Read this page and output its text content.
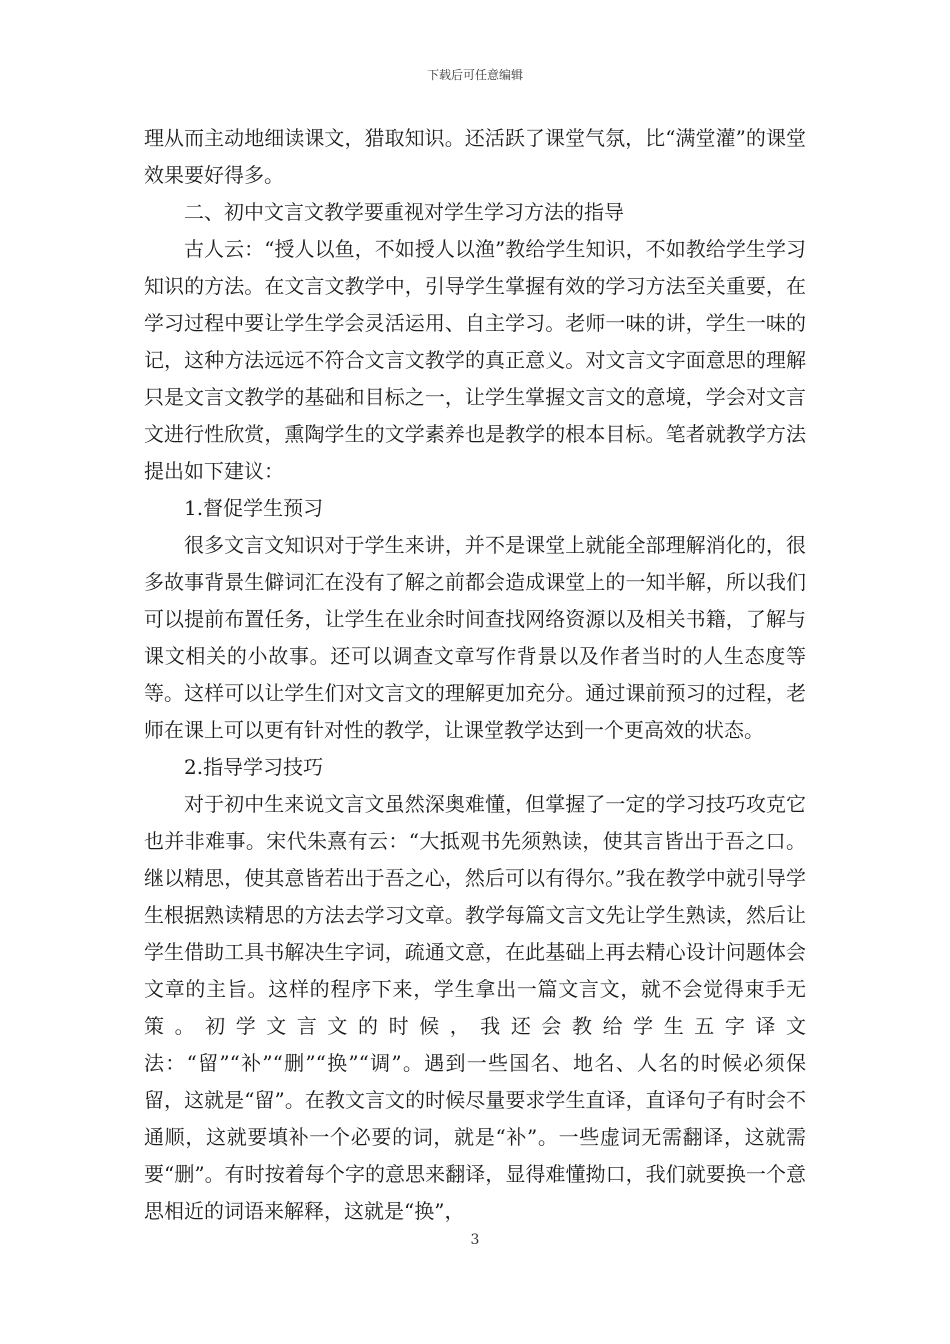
下载后可任意编辑

理从而主动地细读课文，猎取知识。还活跃了课堂气氛，比“满堂灌”的课堂效果要好得多。

二、初中文言文教学要重视对学生学习方法的指导

古人云：“授人以鱼，不如授人以渔”教给学生知识，不如教给学生学习知识的方法。在文言文教学中，引导学生掌握有效的学习方法至关重要，在学习过程中要让学生学会灵活运用、自主学习。老师一味的讲，学生一味的记，这种方法远远不符合文言文教学的真正意义。对文言文字面意思的理解只是文言文教学的基础和目标之一，让学生掌握文言文的意境，学会对文言文进行性欣赏，熏陶学生的文学素养也是教学的根本目标。笔者就教学方法提出如下建议：

1.督促学生预习

很多文言文知识对于学生来讲，并不是课堂上就能全部理解消化的，很多故事背景生僻词汇在没有了解之前都会造成课堂上的一知半解，所以我们可以提前布置任务，让学生在业余时间查找网络资源以及相关书籍，了解与课文相关的小故事。还可以调查文章写作背景以及作者当时的人生态度等等。这样可以让学生们对文言文的理解更加充分。通过课前预习的过程，老师在课上可以更有针对性的教学，让课堂教学达到一个更高效的状态。

2.指导学习技巧

对于初中生来说文言文虽然深奥难懂，但掌握了一定的学习技巧攻克它也并非难事。宋代朱熹有云：“大抵观书先须熟读，使其言皆出于吾之口。继以精思，使其意皆若出于吾之心，然后可以有得尔。”我在教学中就引导学生根据熟读精思的方法去学习文章。教学每篇文言文先让学生熟读，然后让学生借助工具书解决生字词，疏通文意，在此基础上再去精心设计问题体会文章的主旨。这样的程序下来，学生拿出一篇文言文，就不会觉得束手无策。初学文言文的时候，我还会教给学生五字译文法：“留”“补”“删”“换”“调”。遇到一些国名、地名、人名的时候必须保留，这就是“留”。在教文言文的时候尽量要求学生直译，直译句子有时会不通顺，这就要填补一个必要的词，就是“补”。一些虚词无需翻译，这就需要“删”。有时按着每个字的意思来翻译，显得难懂拗口，我们就要换一个意思相近的词语来解释，这就是“换”，

3
